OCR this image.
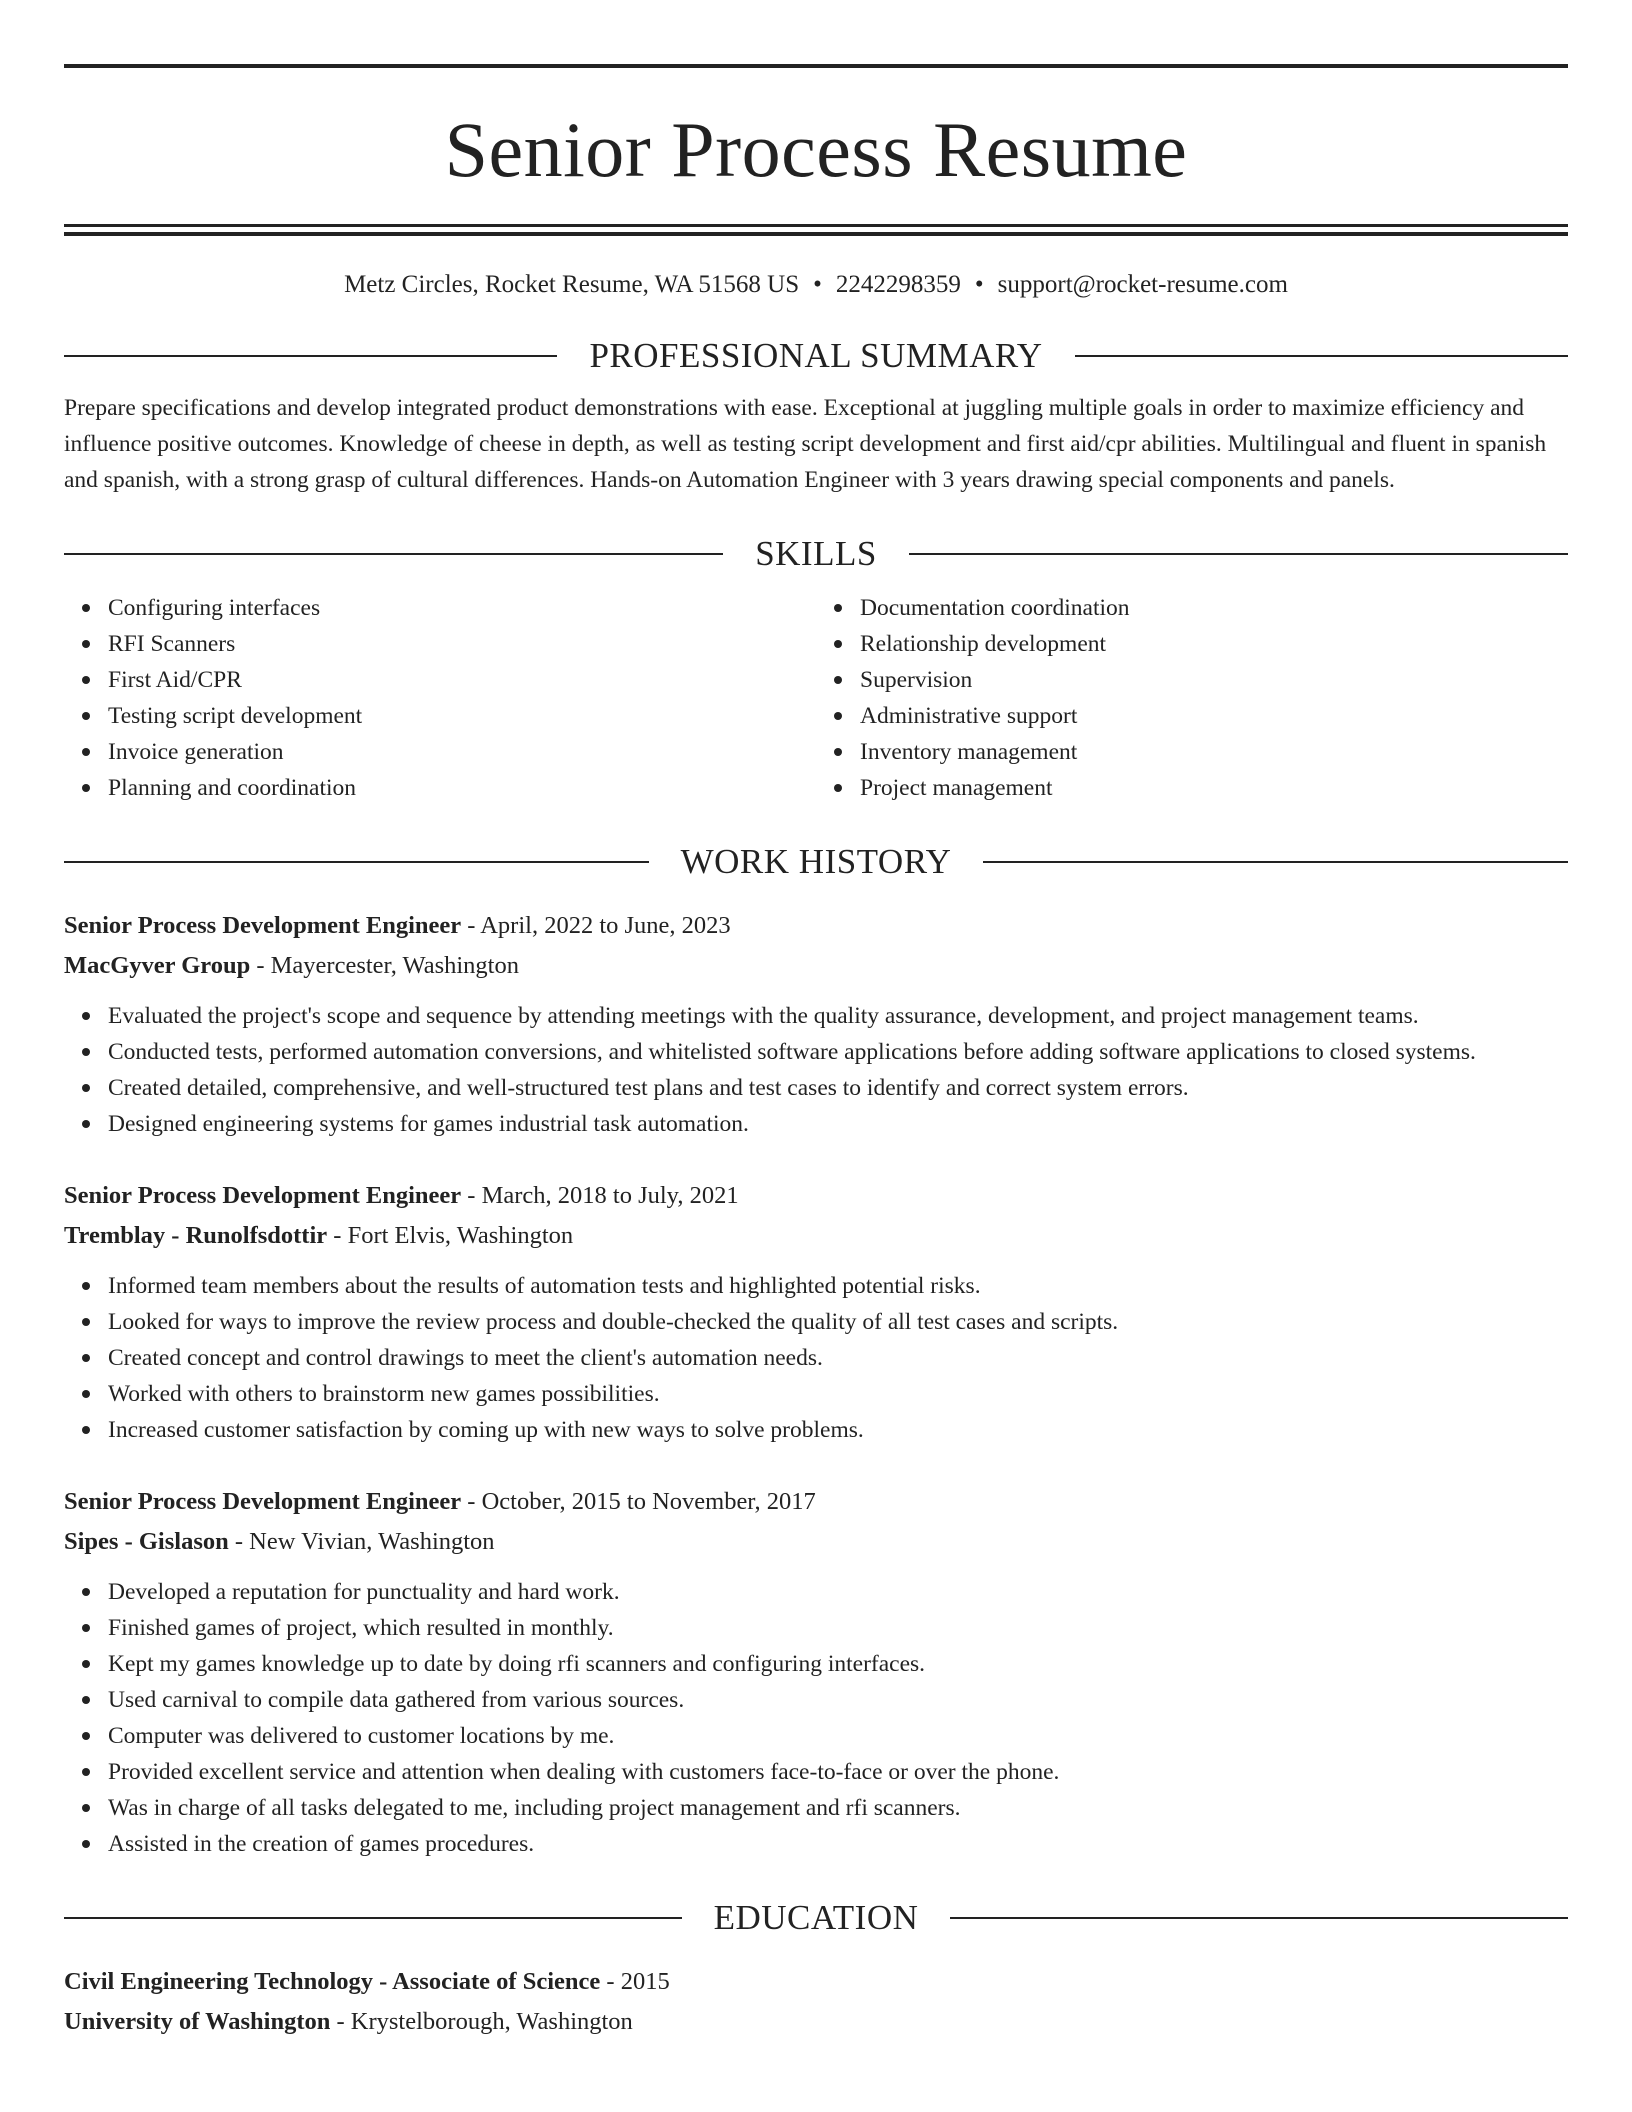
Senior Process Resume
Metz Circles, Rocket Resume, WA 51568 US • 2242298359 • support@rocket-resume.com
PROFESSIONAL SUMMARY
Prepare specifications and develop integrated product demonstrations with ease. Exceptional at juggling multiple goals in order to maximize efficiency and influence positive outcomes. Knowledge of cheese in depth, as well as testing script development and first aid/cpr abilities. Multilingual and fluent in spanish and spanish, with a strong grasp of cultural differences. Hands-on Automation Engineer with 3 years drawing special components and panels.
SKILLS
Configuring interfaces
RFI Scanners
First Aid/CPR
Testing script development
Invoice generation
Planning and coordination
Documentation coordination
Relationship development
Supervision
Administrative support
Inventory management
Project management
WORK HISTORY
Senior Process Development Engineer - April, 2022 to June, 2023
MacGyver Group - Mayercester, Washington
Evaluated the project's scope and sequence by attending meetings with the quality assurance, development, and project management teams.
Conducted tests, performed automation conversions, and whitelisted software applications before adding software applications to closed systems.
Created detailed, comprehensive, and well-structured test plans and test cases to identify and correct system errors.
Designed engineering systems for games industrial task automation.
Senior Process Development Engineer - March, 2018 to July, 2021
Tremblay - Runolfsdottir - Fort Elvis, Washington
Informed team members about the results of automation tests and highlighted potential risks.
Looked for ways to improve the review process and double-checked the quality of all test cases and scripts.
Created concept and control drawings to meet the client's automation needs.
Worked with others to brainstorm new games possibilities.
Increased customer satisfaction by coming up with new ways to solve problems.
Senior Process Development Engineer - October, 2015 to November, 2017
Sipes - Gislason - New Vivian, Washington
Developed a reputation for punctuality and hard work.
Finished games of project, which resulted in monthly.
Kept my games knowledge up to date by doing rfi scanners and configuring interfaces.
Used carnival to compile data gathered from various sources.
Computer was delivered to customer locations by me.
Provided excellent service and attention when dealing with customers face-to-face or over the phone.
Was in charge of all tasks delegated to me, including project management and rfi scanners.
Assisted in the creation of games procedures.
EDUCATION
Civil Engineering Technology - Associate of Science - 2015
University of Washington - Krystelborough, Washington
